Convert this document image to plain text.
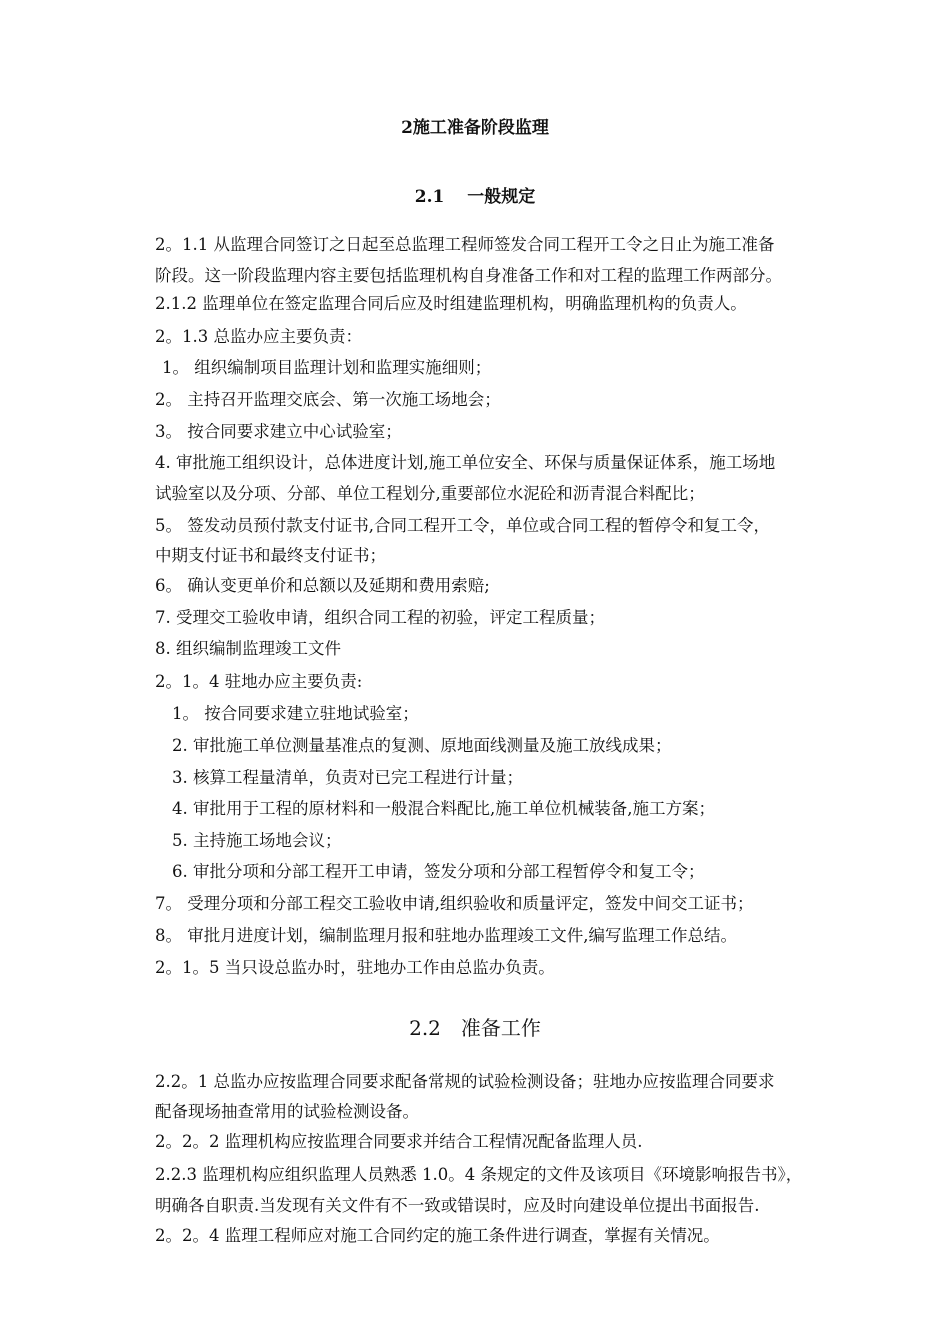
2施工准备阶段监理
2.1　 一般规定
2。1.1 从监理合同签订之日起至总监理工程师签发合同工程开工令之日止为施工准备
阶段。这一阶段监理内容主要包括监理机构自身准备工作和对工程的监理工作两部分。
2.1.2 监理单位在签定监理合同后应及时组建监理机构，明确监理机构的负责人。
2。1.3 总监办应主要负责：
1。 组织编制项目监理计划和监理实施细则；
2。 主持召开监理交底会、第一次施工场地会；
3。 按合同要求建立中心试验室；
4. 审批施工组织设计，总体进度计划,施工单位安全、环保与质量保证体系，施工场地
试验室以及分项、分部、单位工程划分,重要部位水泥砼和沥青混合料配比；
5。 签发动员预付款支付证书,合同工程开工令，单位或合同工程的暂停令和复工令，
中期支付证书和最终支付证书；
6。 确认变更单价和总额以及延期和费用索赔;
7. 受理交工验收申请，组织合同工程的初验，评定工程质量；
8. 组织编制监理竣工文件
2。1。4 驻地办应主要负责:
1。 按合同要求建立驻地试验室；
2. 审批施工单位测量基准点的复测、原地面线测量及施工放线成果；
3. 核算工程量清单，负责对已完工程进行计量；
4. 审批用于工程的原材料和一般混合料配比,施工单位机械装备,施工方案；
5. 主持施工场地会议；
6. 审批分项和分部工程开工申请，签发分项和分部工程暂停令和复工令；
7。 受理分项和分部工程交工验收申请,组织验收和质量评定，签发中间交工证书；
8。 审批月进度计划，编制监理月报和驻地办监理竣工文件,编写监理工作总结。
2。1。5 当只设总监办时，驻地办工作由总监办负责。
2.2　准备工作
2.2。1 总监办应按监理合同要求配备常规的试验检测设备；驻地办应按监理合同要求
配备现场抽查常用的试验检测设备。
2。2。2 监理机构应按监理合同要求并结合工程情况配备监理人员.
2.2.3 监理机构应组织监理人员熟悉 1.0。4 条规定的文件及该项目《环境影响报告书》，
明确各自职责.当发现有关文件有不一致或错误时，应及时向建设单位提出书面报告.
2。2。4 监理工程师应对施工合同约定的施工条件进行调查，掌握有关情况。
